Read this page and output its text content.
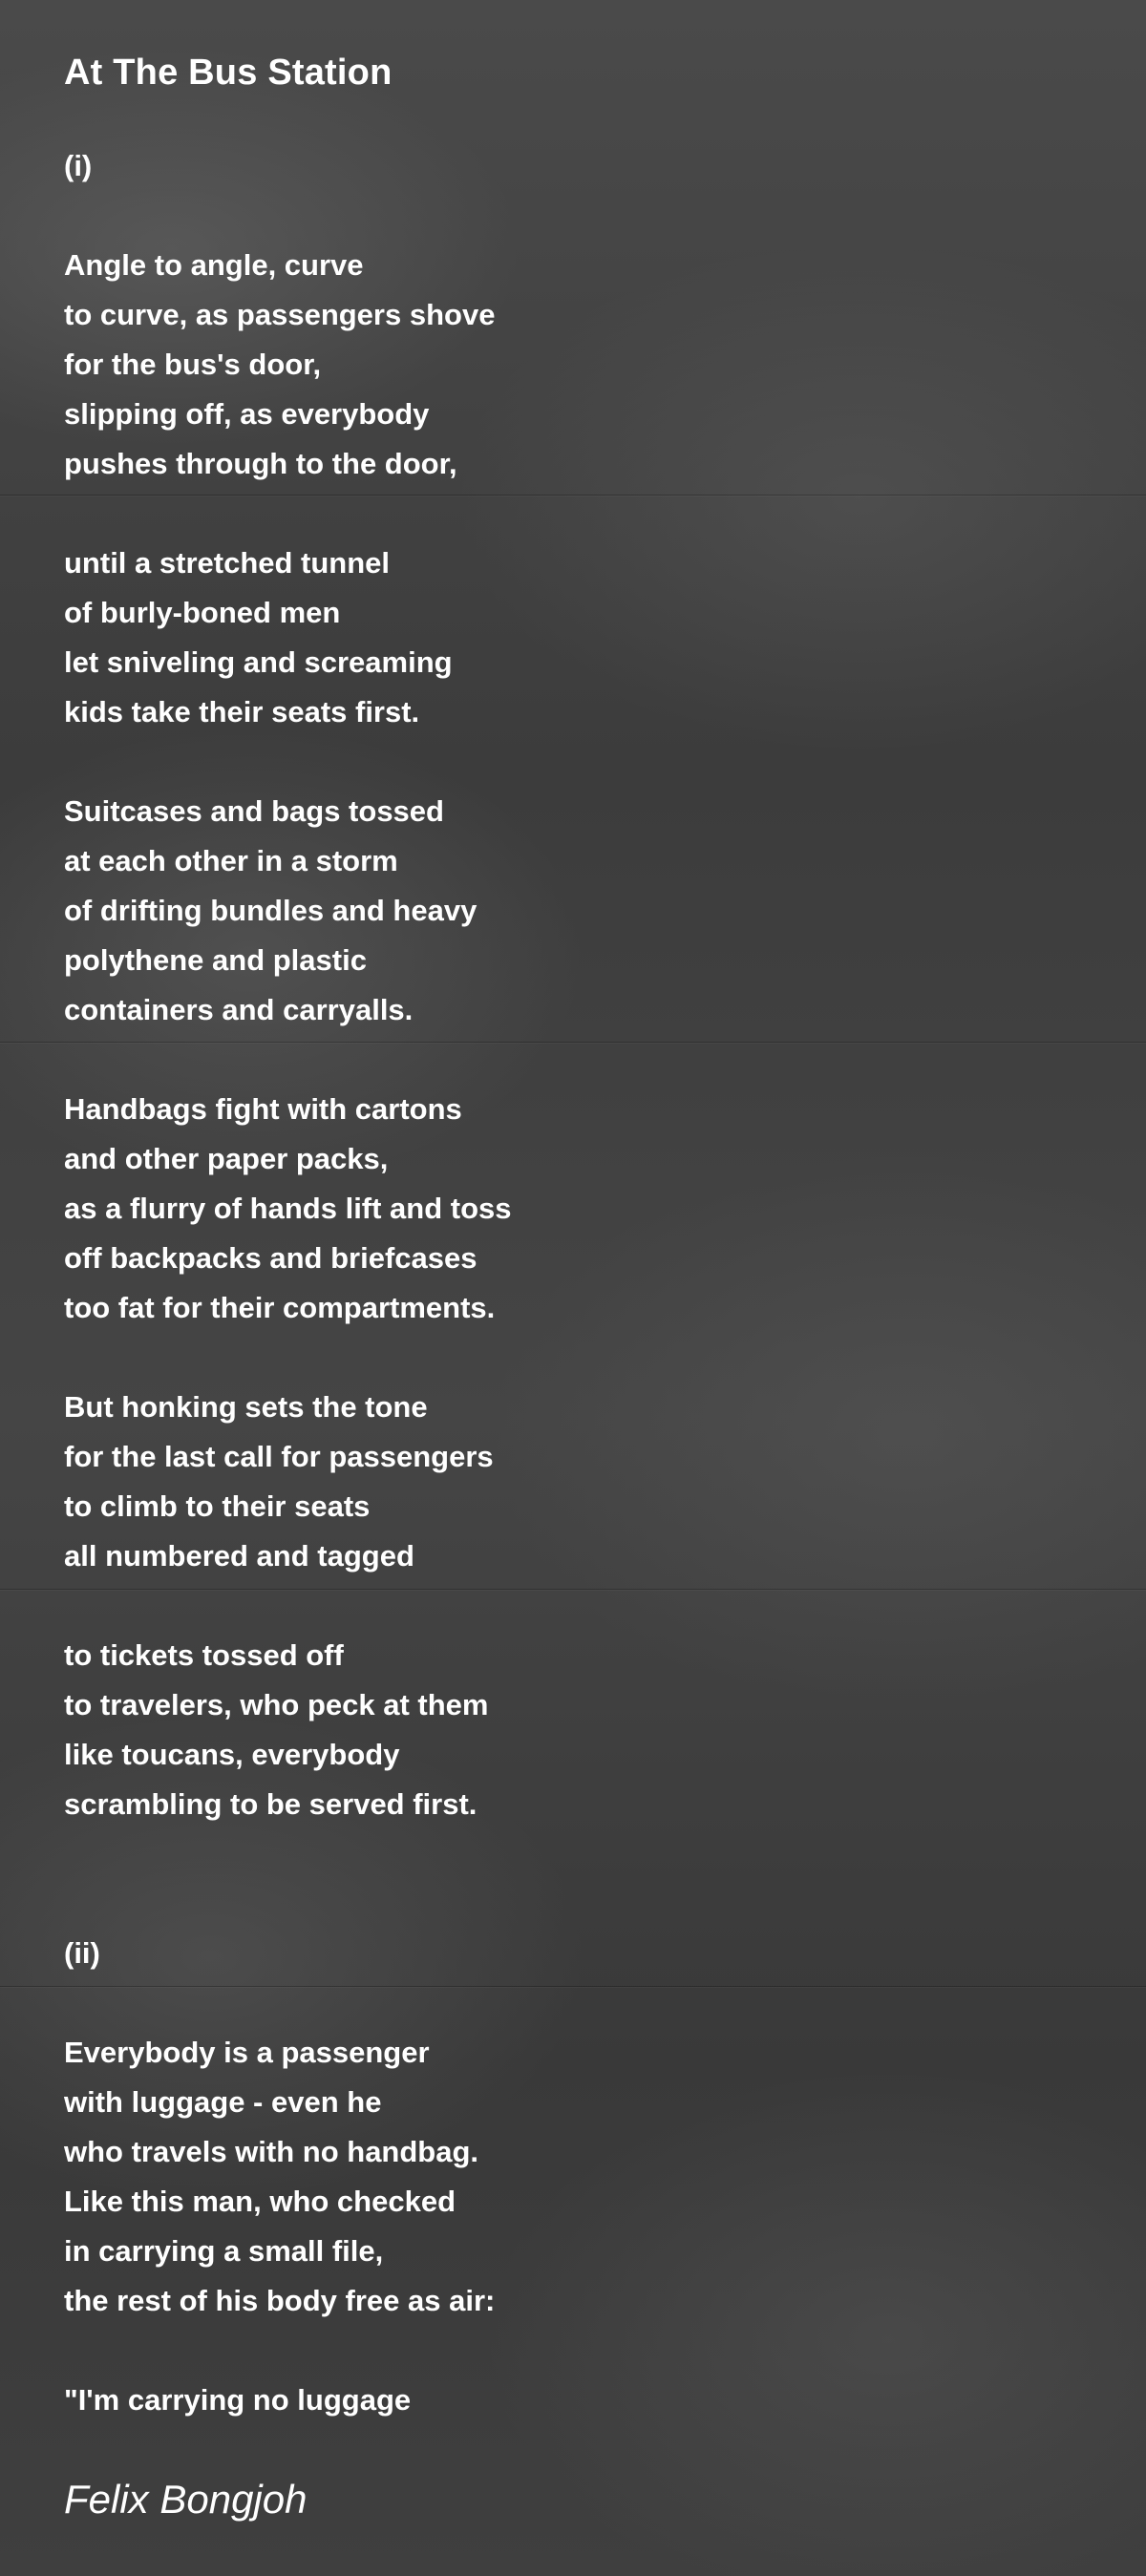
At The Bus Station
(i)
Angle to angle, curve
to curve, as passengers shove
for the bus's door,
slipping off, as everybody
pushes through to the door,
until a stretched tunnel
of burly-boned men
let sniveling and screaming
kids take their seats first.
Suitcases and bags tossed
at each other in a storm
of drifting bundles and heavy
polythene and plastic
containers and carryalls.
Handbags fight with cartons
and other paper packs,
as a flurry of hands lift and toss
off backpacks and briefcases
too fat for their compartments.
But honking sets the tone
for the last call for passengers
to climb to their seats
all numbered and tagged
to tickets tossed off
to travelers, who peck at them
like toucans, everybody
scrambling to be served first.
(ii)
Everybody is a passenger
with luggage - even he
who travels with no handbag.
Like this man, who checked
in carrying a small file,
the rest of his body free as air:
"I'm carrying no luggage
Felix Bongjoh
